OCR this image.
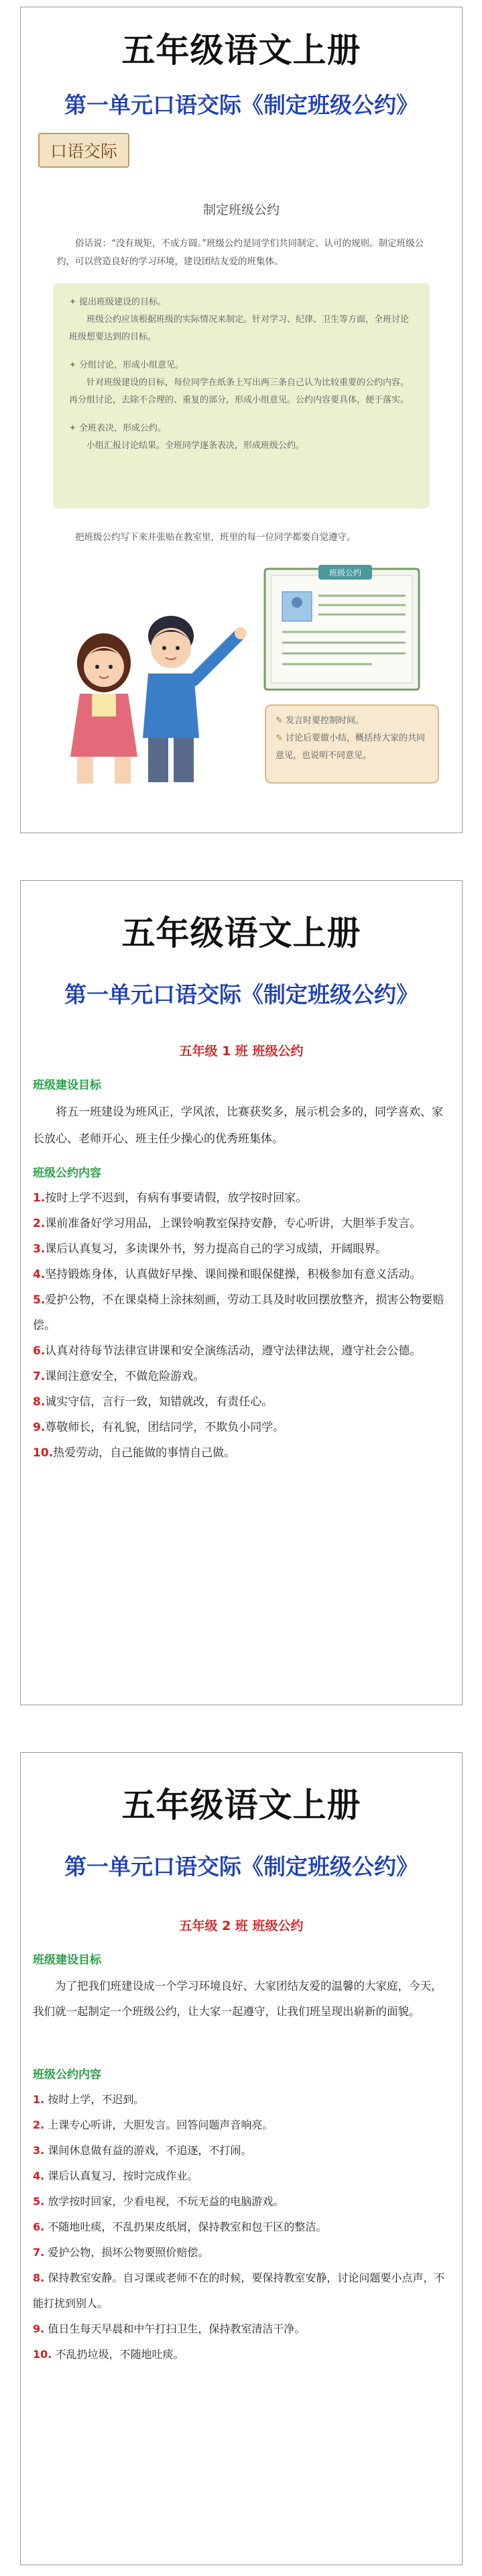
五年级语文上册
第一单元口语交际《制定班级公约》
口语交际
制定班级公约

俗话说：“没有规矩，不成方圆。”班级公约是同学们共同制定、认可的规则。制定班级公约，可以营造良好的学习环境，建设团结友爱的班集体。

✦ 提出班级建设的目标。
班级公约应该根据班级的实际情况来制定。针对学习、纪律、卫生等方面，全班讨论班级想要达到的目标。
✦ 分组讨论，形成小组意见。
针对班级建设的目标，每位同学在纸条上写出两三条自己认为比较重要的公约内容。再分组讨论，去除不合理的、重复的部分，形成小组意见。公约内容要具体，便于落实。
✦ 全班表决，形成公约。
小组汇报讨论结果。全班同学逐条表决，形成班级公约。

把班级公约写下来并张贴在教室里，班里的每一位同学都要自觉遵守。

班级公约

✎ 发言时要控制时间。

✎ 讨论后要做小结，概括持大家的共同意见，也说明不同意见。

五年级语文上册
第一单元口语交际《制定班级公约》
五年级 1 班 班级公约
班级建设目标

将五一班建设为班风正，学风浓，比赛获奖多，展示机会多的，同学喜欢、家长放心、老师开心、班主任少操心的优秀班集体。

班级公约内容
1.按时上学不迟到，有病有事要请假，放学按时回家。
2.课前准备好学习用品，上课铃响教室保持安静，专心听讲，大胆举手发言。
3.课后认真复习，多读课外书，努力提高自己的学习成绩，开阔眼界。
4.坚持锻炼身体，认真做好早操、课间操和眼保健操，积极参加有意义活动。
5.爱护公物，不在课桌椅上涂抹刻画，劳动工具及时收回摆放整齐，损害公物要赔偿。
6.认真对待每节法律宣讲课和安全演练活动，遵守法律法规，遵守社会公德。
7.课间注意安全，不做危险游戏。
8.诚实守信，言行一致，知错就改，有责任心。
9.尊敬师长，有礼貌，团结同学，不欺负小同学。
10.热爱劳动，自己能做的事情自己做。
五年级语文上册
第一单元口语交际《制定班级公约》
五年级 2 班 班级公约
班级建设目标

为了把我们班建设成一个学习环境良好、大家团结友爱的温馨的大家庭，今天，我们就一起制定一个班级公约，让大家一起遵守，让我们班呈现出崭新的面貌。

班级公约内容
1. 按时上学，不迟到。
2. 上课专心听讲，大胆发言。回答问题声音响亮。
3. 课间休息做有益的游戏，不追逐，不打闹。
4. 课后认真复习，按时完成作业。
5. 放学按时回家，少看电视，不玩无益的电脑游戏。
6. 不随地吐痰，不乱扔果皮纸屑，保持教室和包干区的整洁。
7. 爱护公物，损坏公物要照价赔偿。
8. 保持教室安静。自习课或老师不在的时候，要保持教室安静，讨论问题要小点声，不能打扰到别人。
9. 值日生每天早晨和中午打扫卫生，保持教室清洁干净。
10. 不乱扔垃圾，不随地吐痰。
